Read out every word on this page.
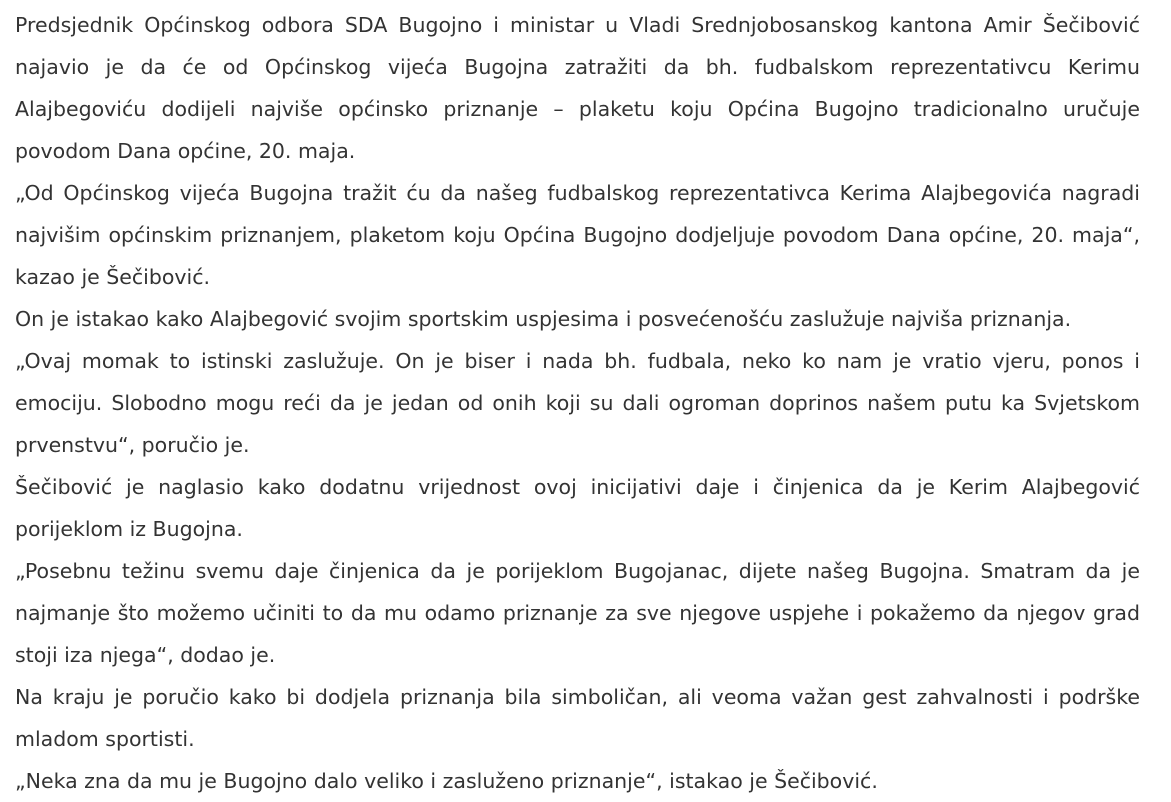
Predsjednik Općinskog odbora SDA Bugojno i ministar u Vladi Srednjobosanskog kantona Amir Šečibović najavio je da će od Općinskog vijeća Bugojna zatražiti da bh. fudbalskom reprezentativcu Kerimu Alajbegoviću dodijeli najviše općinsko priznanje – plaketu koju Općina Bugojno tradicionalno uručuje povodom Dana općine, 20. maja.

„Od Općinskog vijeća Bugojna tražit ću da našeg fudbalskog reprezentativca Kerima Alajbegovića nagradi najvišim općinskim priznanjem, plaketom koju Općina Bugojno dodjeljuje povodom Dana općine, 20. maja“, kazao je Šečibović.

On je istakao kako Alajbegović svojim sportskim uspjesima i posvećenošću zaslužuje najviša priznanja.

„Ovaj momak to istinski zaslužuje. On je biser i nada bh. fudbala, neko ko nam je vratio vjeru, ponos i emociju. Slobodno mogu reći da je jedan od onih koji su dali ogroman doprinos našem putu ka Svjetskom prvenstvu“, poručio je.

Šečibović je naglasio kako dodatnu vrijednost ovoj inicijativi daje i činjenica da je Kerim Alajbegović porijeklom iz Bugojna.

„Posebnu težinu svemu daje činjenica da je porijeklom Bugojanac, dijete našeg Bugojna. Smatram da je najmanje što možemo učiniti to da mu odamo priznanje za sve njegove uspjehe i pokažemo da njegov grad stoji iza njega“, dodao je.

Na kraju je poručio kako bi dodjela priznanja bila simboličan, ali veoma važan gest zahvalnosti i podrške mladom sportisti.

„Neka zna da mu je Bugojno dalo veliko i zasluženo priznanje“, istakao je Šečibović.
